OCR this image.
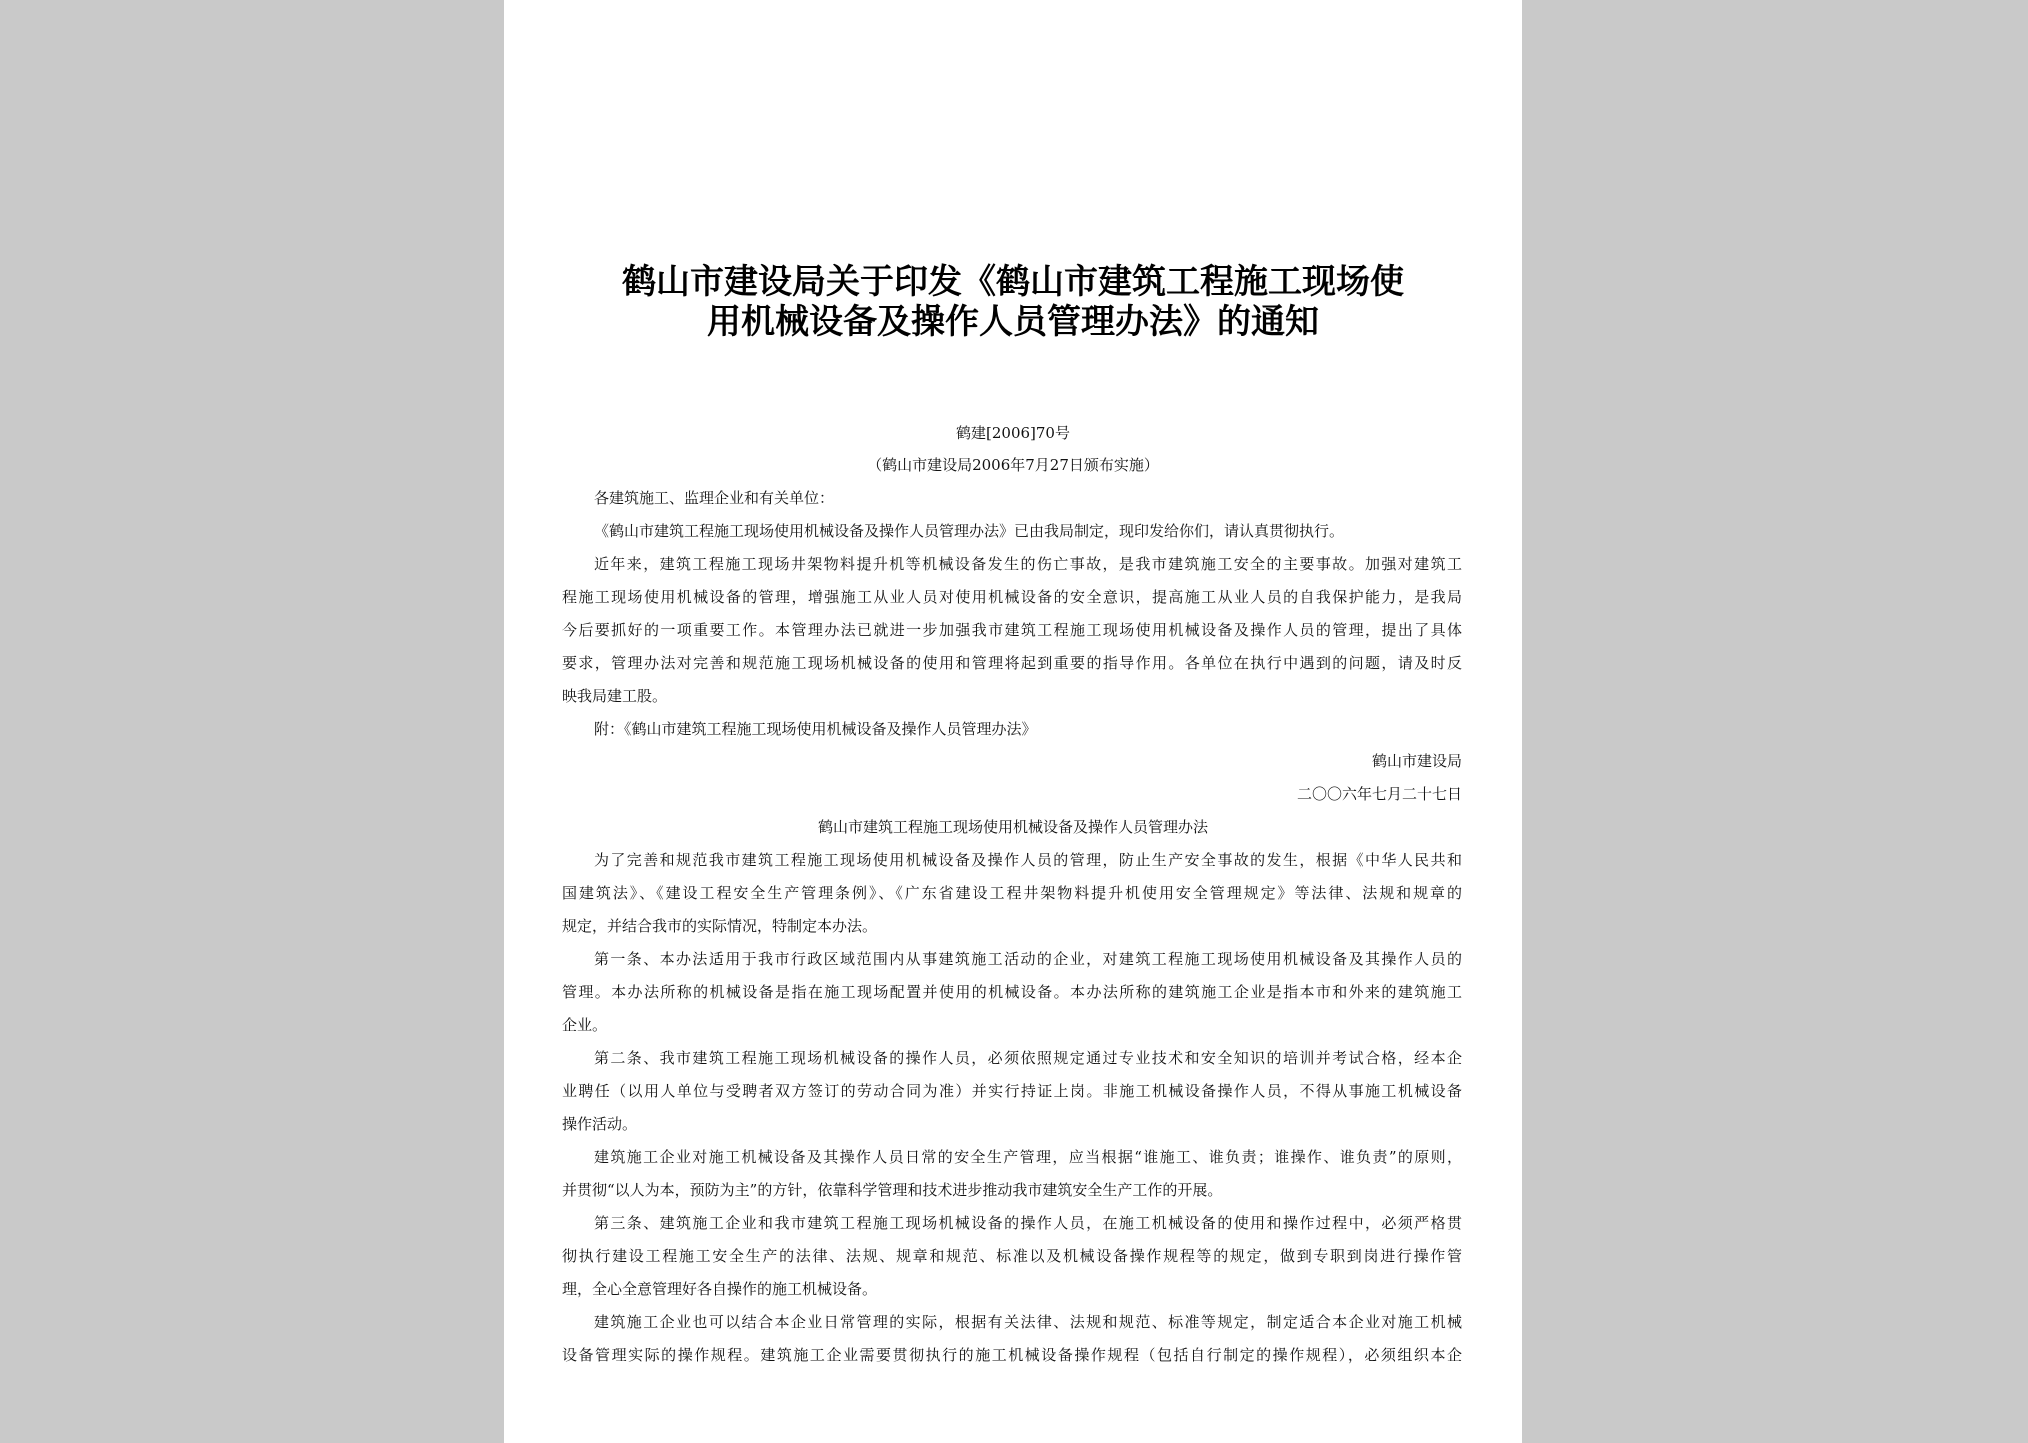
鹤山市建设局关于印发《鹤山市建筑工程施工现场使
用机械设备及操作人员管理办法》的通知
鹤建[2006]70号
（鹤山市建设局2006年7月27日颁布实施）
各建筑施工、监理企业和有关单位：
《鹤山市建筑工程施工现场使用机械设备及操作人员管理办法》已由我局制定，现印发给你们，请认真贯彻执行。
近年来，建筑工程施工现场井架物料提升机等机械设备发生的伤亡事故，是我市建筑施工安全的主要事故。加强对建筑工
程施工现场使用机械设备的管理，增强施工从业人员对使用机械设备的安全意识，提高施工从业人员的自我保护能力，是我局
今后要抓好的一项重要工作。本管理办法已就进一步加强我市建筑工程施工现场使用机械设备及操作人员的管理，提出了具体
要求，管理办法对完善和规范施工现场机械设备的使用和管理将起到重要的指导作用。各单位在执行中遇到的问题，请及时反
映我局建工股。
附：《鹤山市建筑工程施工现场使用机械设备及操作人员管理办法》
鹤山市建设局
二〇〇六年七月二十七日
鹤山市建筑工程施工现场使用机械设备及操作人员管理办法
为了完善和规范我市建筑工程施工现场使用机械设备及操作人员的管理，防止生产安全事故的发生，根据《中华人民共和
国建筑法》、《建设工程安全生产管理条例》、《广东省建设工程井架物料提升机使用安全管理规定》等法律、法规和规章的
规定，并结合我市的实际情况，特制定本办法。
第一条、本办法适用于我市行政区域范围内从事建筑施工活动的企业，对建筑工程施工现场使用机械设备及其操作人员的
管理。本办法所称的机械设备是指在施工现场配置并使用的机械设备。本办法所称的建筑施工企业是指本市和外来的建筑施工
企业。
第二条、我市建筑工程施工现场机械设备的操作人员，必须依照规定通过专业技术和安全知识的培训并考试合格，经本企
业聘任（以用人单位与受聘者双方签订的劳动合同为准）并实行持证上岗。非施工机械设备操作人员，不得从事施工机械设备
操作活动。
建筑施工企业对施工机械设备及其操作人员日常的安全生产管理，应当根据“谁施工、谁负责；谁操作、谁负责”的原则，
并贯彻“以人为本，预防为主”的方针，依靠科学管理和技术进步推动我市建筑安全生产工作的开展。
第三条、建筑施工企业和我市建筑工程施工现场机械设备的操作人员，在施工机械设备的使用和操作过程中，必须严格贯
彻执行建设工程施工安全生产的法律、法规、规章和规范、标准以及机械设备操作规程等的规定，做到专职到岗进行操作管
理，全心全意管理好各自操作的施工机械设备。
建筑施工企业也可以结合本企业日常管理的实际，根据有关法律、法规和规范、标准等规定，制定适合本企业对施工机械
设备管理实际的操作规程。建筑施工企业需要贯彻执行的施工机械设备操作规程（包括自行制定的操作规程），必须组织本企
